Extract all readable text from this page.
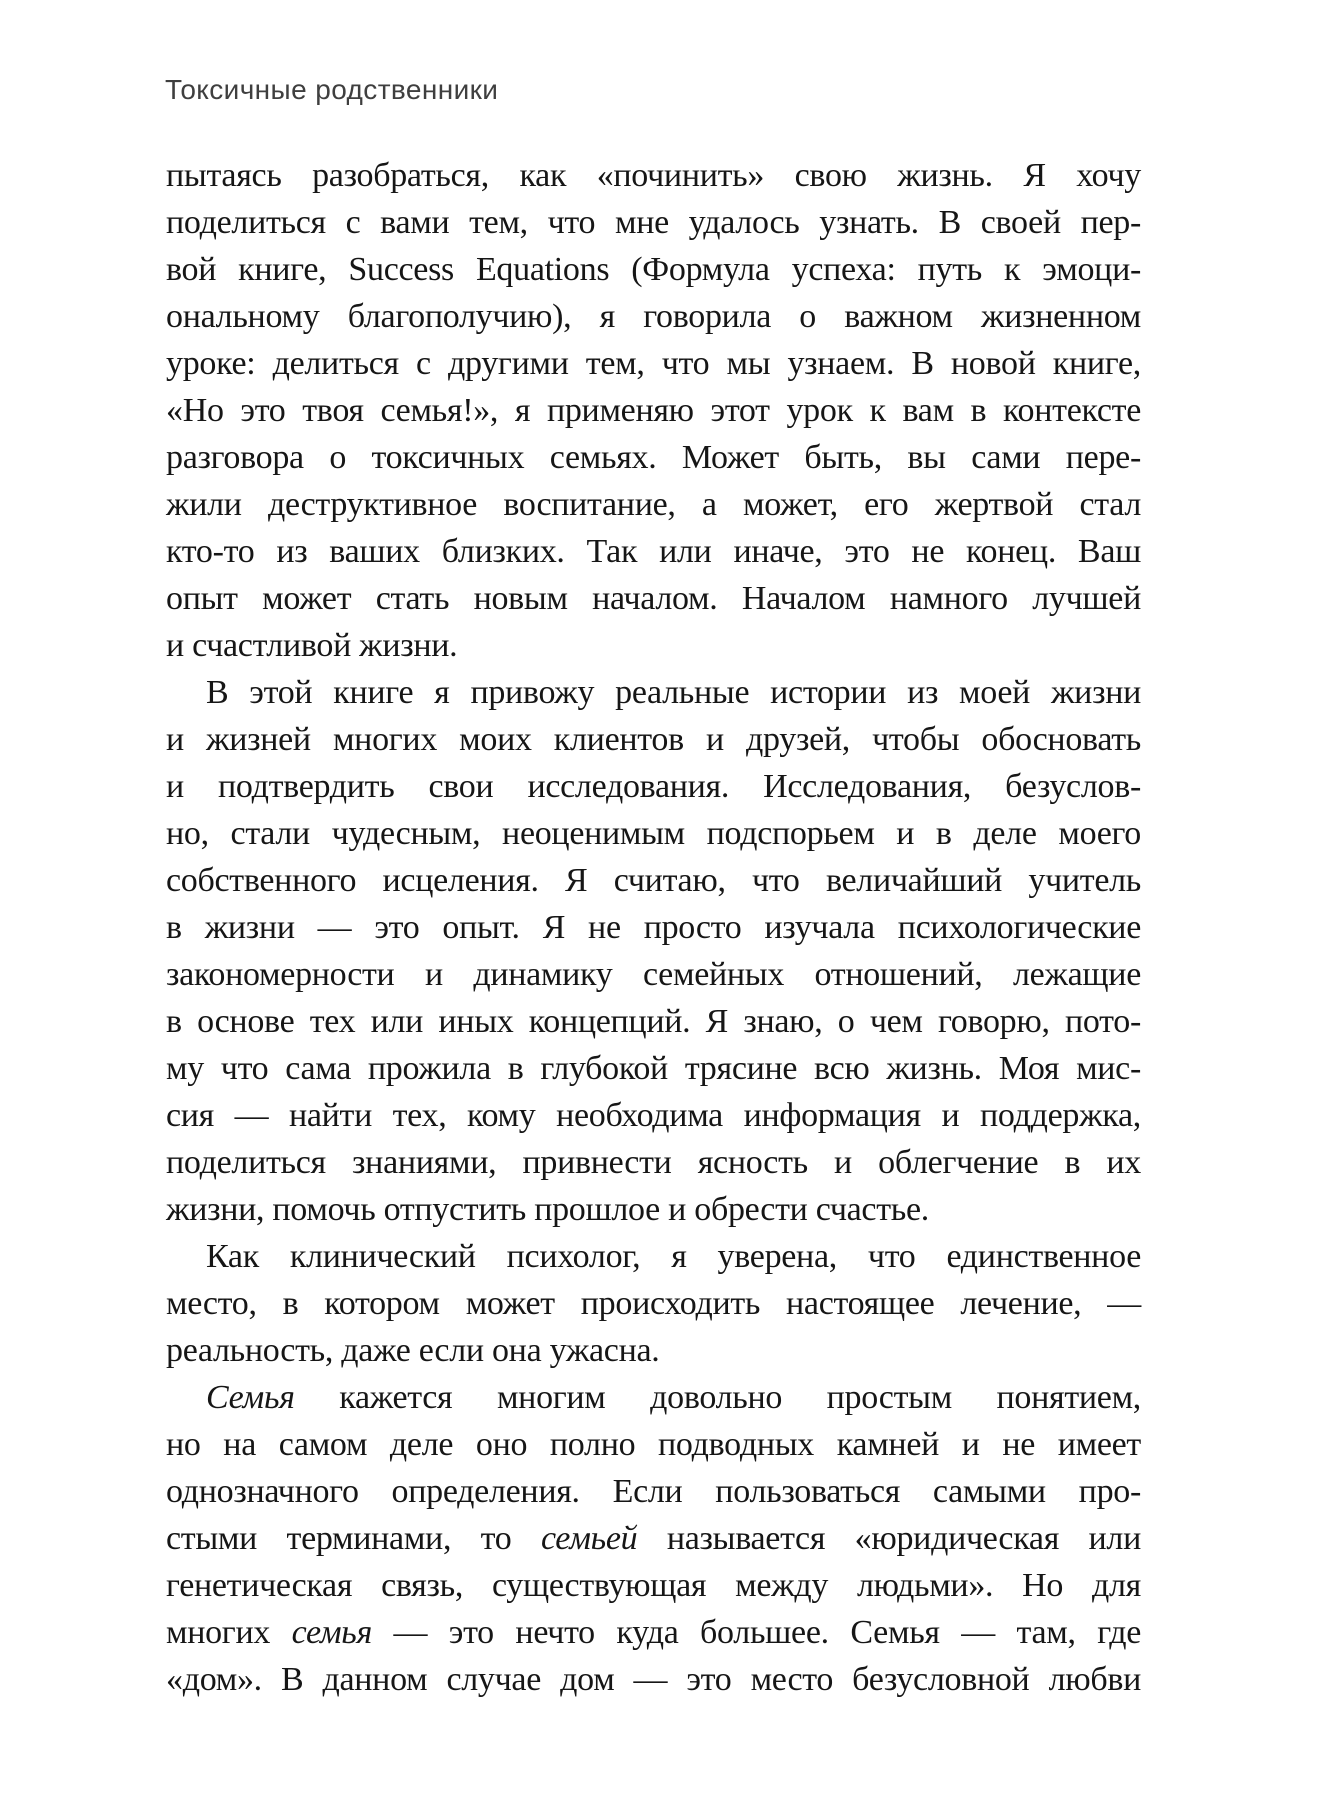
Токсичные родственники
пытаясь разобраться, как «починить» свою жизнь. Я хочу
поделиться с вами тем, что мне удалось узнать. В своей пер-
вой книге, Success Equations (Формула успеха: путь к эмоци-
ональному благополучию), я говорила о важном жизненном
уроке: делиться с другими тем, что мы узнаем. В новой книге,
«Но это твоя семья!», я применяю этот урок к вам в контексте
разговора о токсичных семьях. Может быть, вы сами пере-
жили деструктивное воспитание, а может, его жертвой стал
кто-то из ваших близких. Так или иначе, это не конец. Ваш
опыт может стать новым началом. Началом намного лучшей
и счастливой жизни.
В этой книге я привожу реальные истории из моей жизни
и жизней многих моих клиентов и друзей, чтобы обосновать
и подтвердить свои исследования. Исследования, безуслов-
но, стали чудесным, неоценимым подспорьем и в деле моего
собственного исцеления. Я считаю, что величайший учитель
в жизни — это опыт. Я не просто изучала психологические
закономерности и динамику семейных отношений, лежащие
в основе тех или иных концепций. Я знаю, о чем говорю, пото-
му что сама прожила в глубокой трясине всю жизнь. Моя мис-
сия — найти тех, кому необходима информация и поддержка,
поделиться знаниями, привнести ясность и облегчение в их
жизни, помочь отпустить прошлое и обрести счастье.
Как клинический психолог, я уверена, что единственное
место, в котором может происходить настоящее лечение, —
реальность, даже если она ужасна.
Семья кажется многим довольно простым понятием,
но на самом деле оно полно подводных камней и не имеет
однозначного определения. Если пользоваться самыми про-
стыми терминами, то семьей называется «юридическая или
генетическая связь, существующая между людьми». Но для
многих семья — это нечто куда большее. Семья — там, где
«дом». В данном случае дом — это место безусловной любви
